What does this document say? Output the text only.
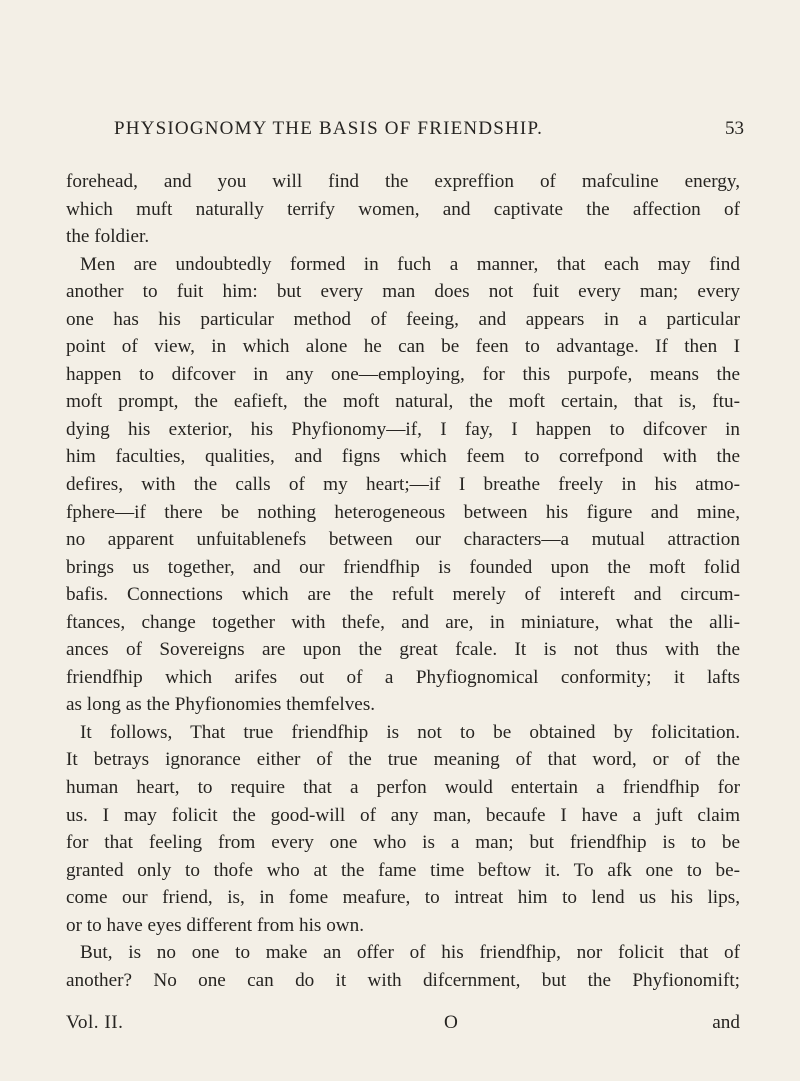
PHYSIOGNOMY THE BASIS OF FRIENDSHIP.	53
forehead, and you will find the expreffion of mafculine energy,
which muft naturally terrify women, and captivate the affection of
the foldier.
Men are undoubtedly formed in fuch a manner, that each may find
another to fuit him: but every man does not fuit every man; every
one has his particular method of feeing, and appears in a particular
point of view, in which alone he can be feen to advantage. If then I
happen to difcover in any one—employing, for this purpofe, means the
moft prompt, the eafieft, the moft natural, the moft certain, that is, ftu-
dying his exterior, his Phyfionomy—if, I fay, I happen to difcover in
him faculties, qualities, and figns which feem to correfpond with the
defires, with the calls of my heart;—if I breathe freely in his atmo-
fphere—if there be nothing heterogeneous between his figure and mine,
no apparent unfuitablenefs between our characters—a mutual attraction
brings us together, and our friendfhip is founded upon the moft folid
bafis. Connections which are the refult merely of intereft and circum-
ftances, change together with thefe, and are, in miniature, what the alli-
ances of Sovereigns are upon the great fcale. It is not thus with the
friendfhip which arifes out of a Phyfiognomical conformity; it lafts
as long as the Phyfionomies themfelves.
It follows, That true friendfhip is not to be obtained by folicitation.
It betrays ignorance either of the true meaning of that word, or of the
human heart, to require that a perfon would entertain a friendfhip for
us. I may folicit the good-will of any man, becaufe I have a juft claim
for that feeling from every one who is a man; but friendfhip is to be
granted only to thofe who at the fame time beftow it. To afk one to be-
come our friend, is, in fome meafure, to intreat him to lend us his lips,
or to have eyes different from his own.
But, is no one to make an offer of his friendfhip, nor folicit that of
another? No one can do it with difcernment, but the Phyfionomift;
Vol. II.	O	and
